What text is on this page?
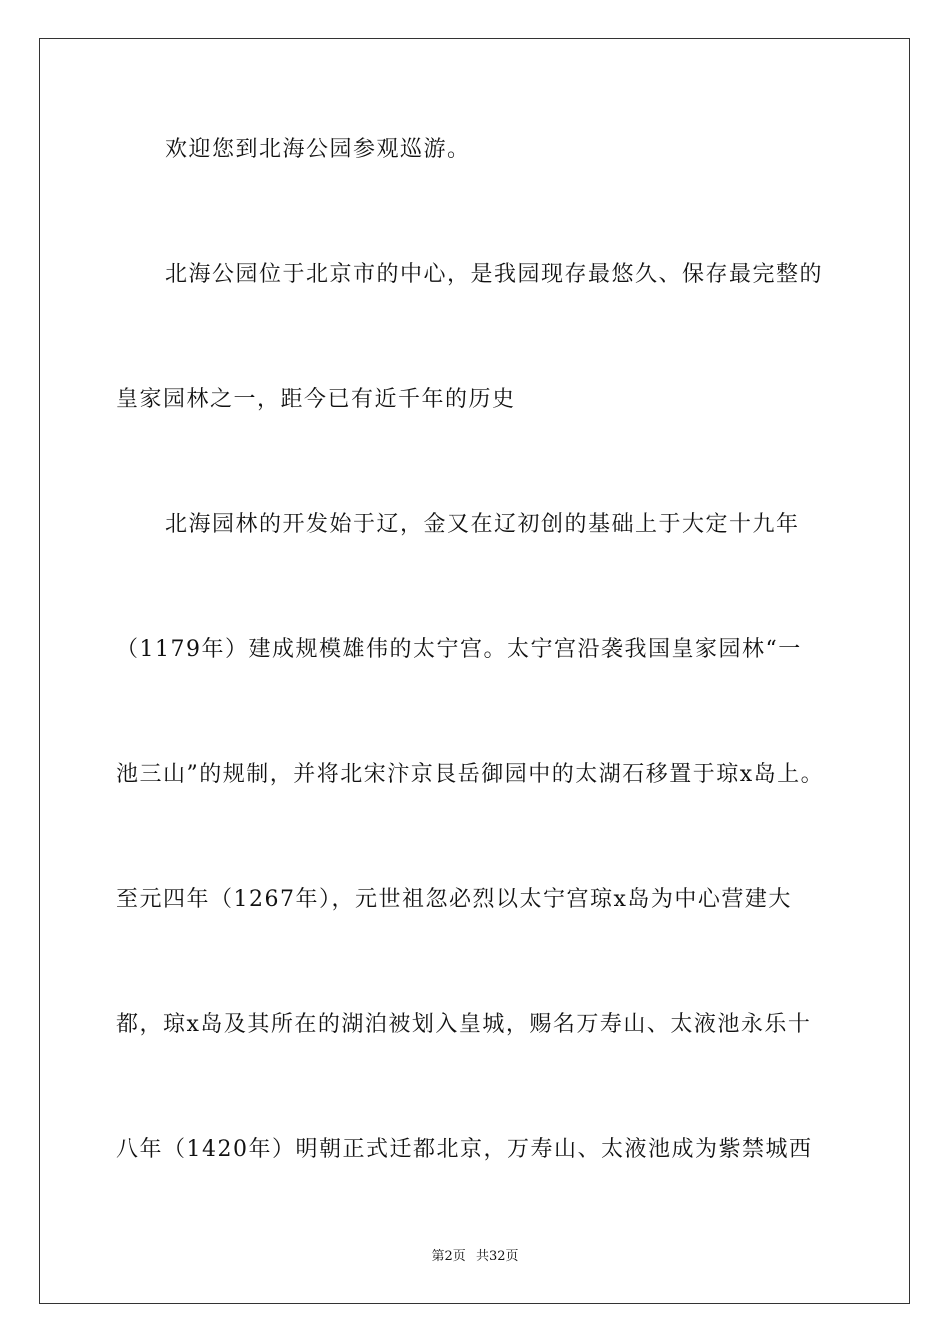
欢迎您到北海公园参观巡游。
北海公园位于北京市的中心，是我园现存最悠久、保存最完整的
皇家园林之一，距今已有近千年的历史
北海园林的开发始于辽，金又在辽初创的基础上于大定十九年
（1179年）建成规模雄伟的太宁宫。太宁宫沿袭我国皇家园林“一
池三山”的规制，并将北宋汴京艮岳御园中的太湖石移置于琼x岛上。
至元四年（1267年），元世祖忽必烈以太宁宫琼x岛为中心营建大
都，琼x岛及其所在的湖泊被划入皇城，赐名万寿山、太液池永乐十
八年（1420年）明朝正式迁都北京，万寿山、太液池成为紫禁城西
第2页 共32页
